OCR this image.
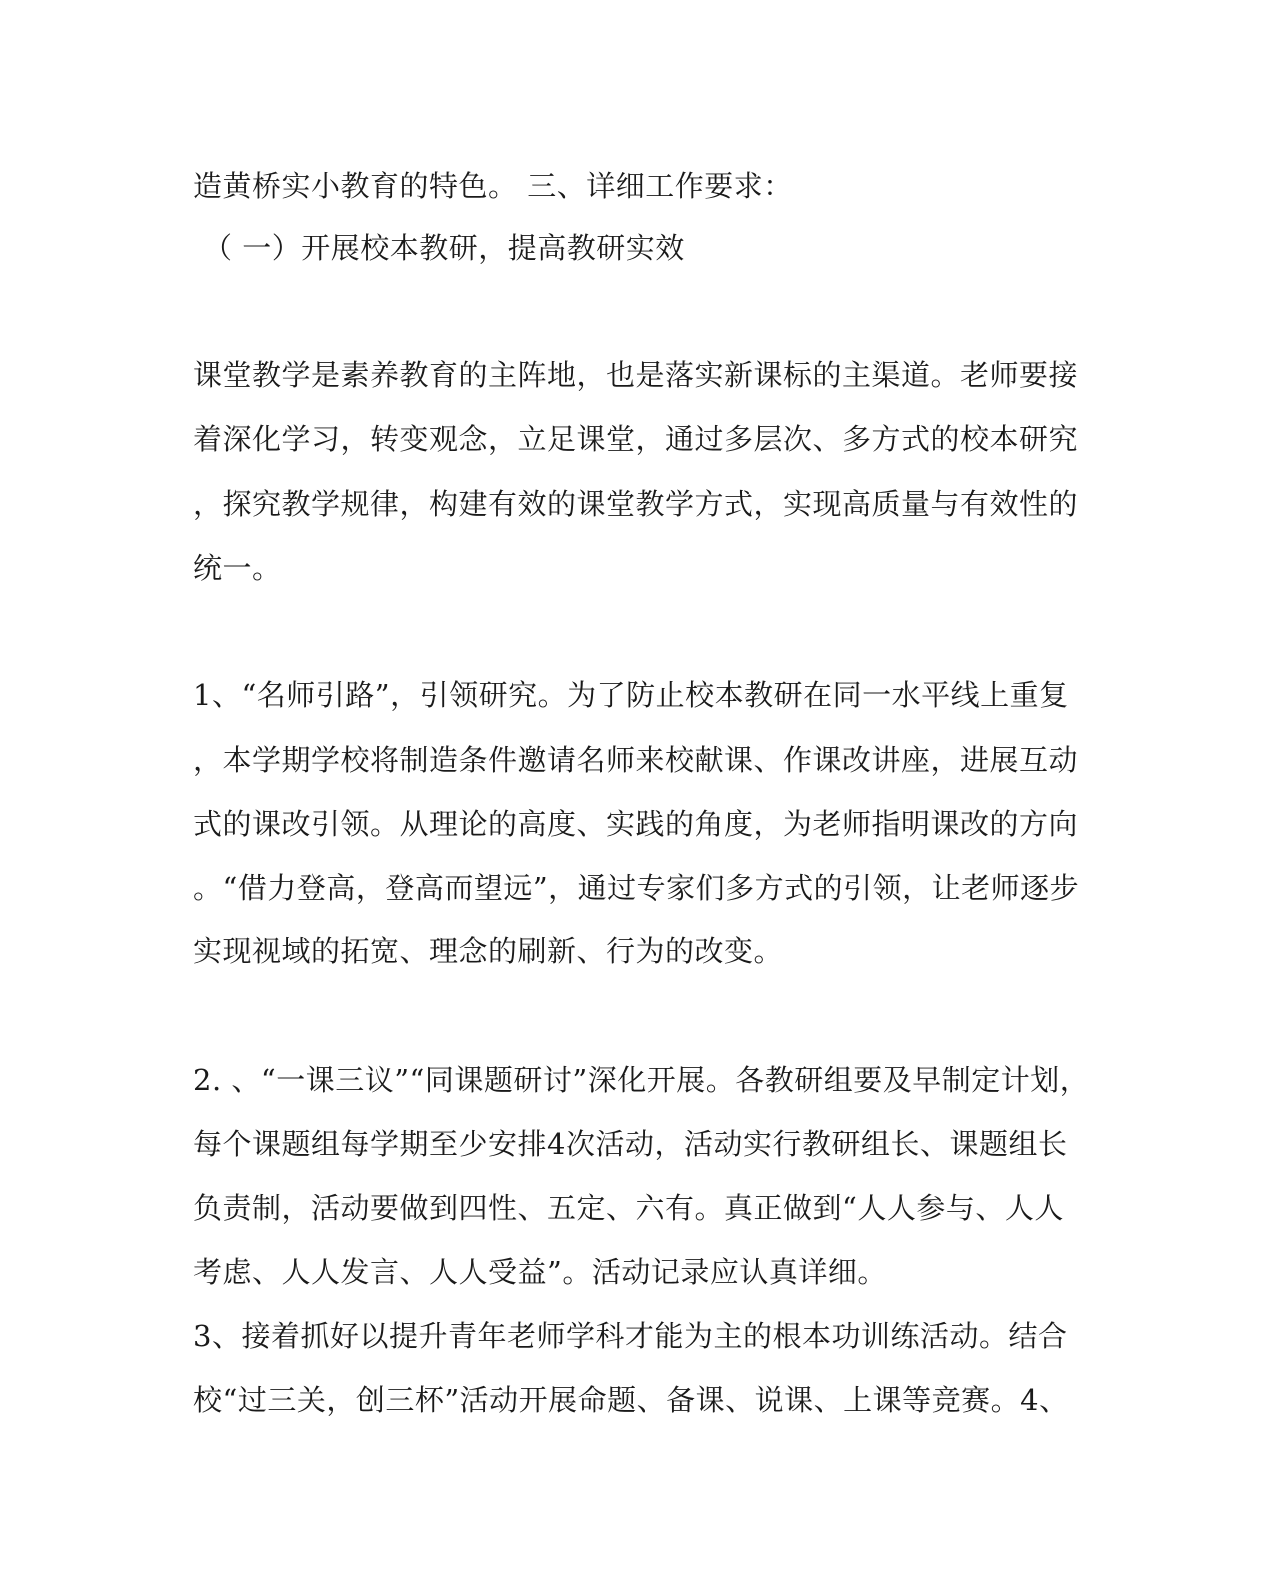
造黄桥实小教育的特色。 三、详细工作要求：
（ 一）开展校本教研，提高教研实效
课堂教学是素养教育的主阵地，也是落实新课标的主渠道。老师要接
着深化学习，转变观念，立足课堂，通过多层次、多方式的校本研究
，探究教学规律，构建有效的课堂教学方式，实现高质量与有效性的
统一。
1、“名师引路”，引领研究。为了防止校本教研在同一水平线上重复
，本学期学校将制造条件邀请名师来校献课、作课改讲座，进展互动
式的课改引领。从理论的高度、实践的角度，为老师指明课改的方向
。“借力登高，登高而望远”，通过专家们多方式的引领，让老师逐步
实现视域的拓宽、理念的刷新、行为的改变。
2. 、“一课三议”“同课题研讨”深化开展。各教研组要及早制定计划，
每个课题组每学期至少安排4次活动，活动实行教研组长、课题组长
负责制，活动要做到四性、五定、六有。真正做到“人人参与、人人
考虑、人人发言、人人受益”。活动记录应认真详细。
3、接着抓好以提升青年老师学科才能为主的根本功训练活动。结合
校“过三关，创三杯”活动开展命题、备课、说课、上课等竞赛。4、
